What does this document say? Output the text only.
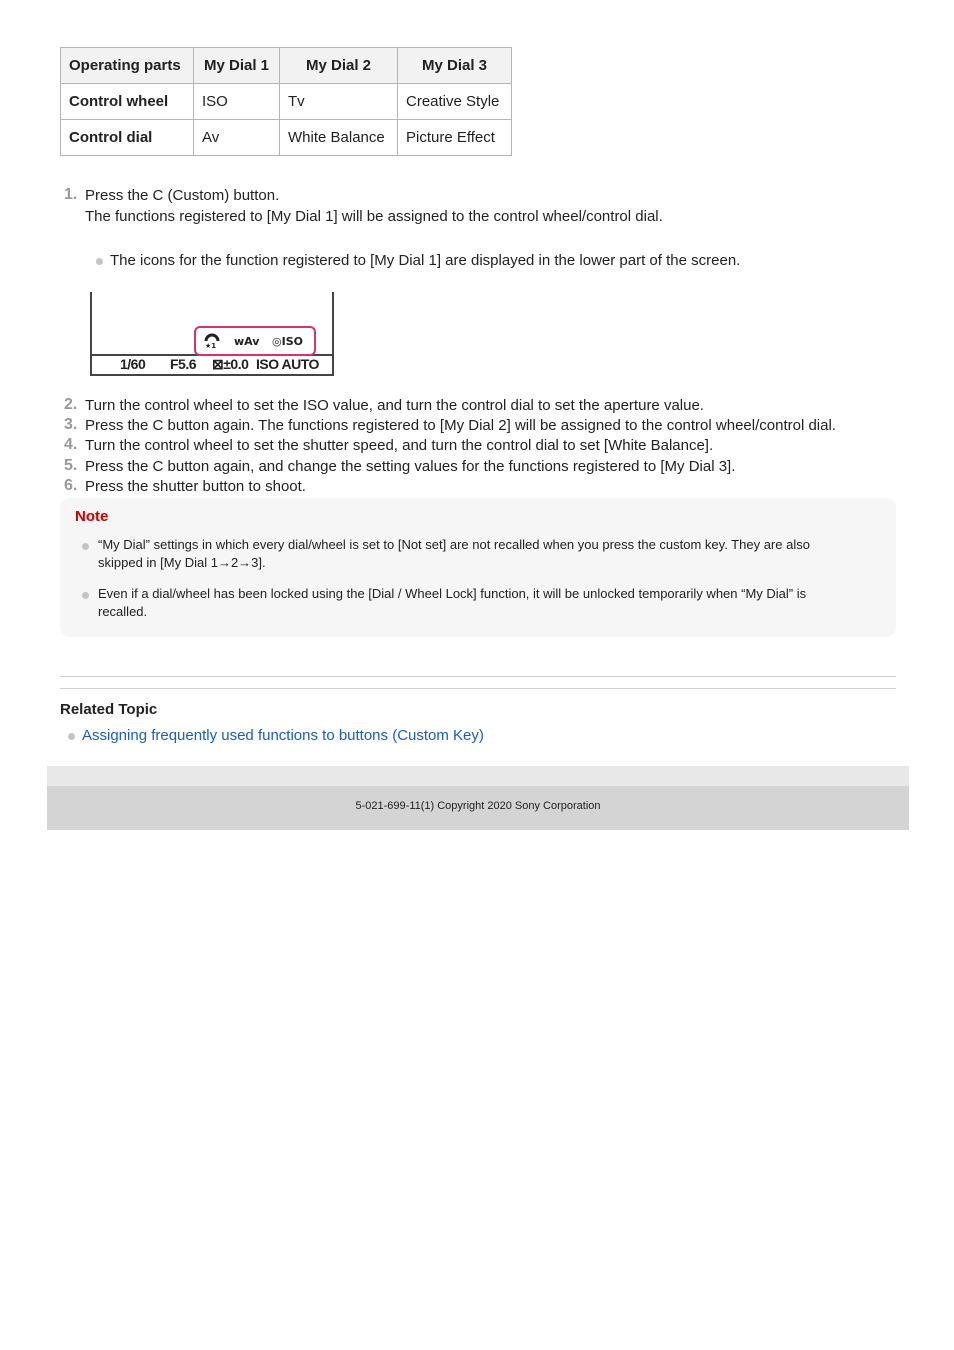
Operating parts	My Dial 1	My Dial 2	My Dial 3
Control wheel	ISO	Tv	Creative Style
Control dial	Av	White Balance	Picture Effect
1. Press the C (Custom) button.
The functions registered to [My Dial 1] will be assigned to the control wheel/control dial.
The icons for the function registered to [My Dial 1] are displayed in the lower part of the screen.
★1 ᴡAv ◎ISO
1/60 F5.6 ⊠±0.0 ISO AUTO
2. Turn the control wheel to set the ISO value, and turn the control dial to set the aperture value.
3. Press the C button again. The functions registered to [My Dial 2] will be assigned to the control wheel/control dial.
4. Turn the control wheel to set the shutter speed, and turn the control dial to set [White Balance].
5. Press the C button again, and change the setting values for the functions registered to [My Dial 3].
6. Press the shutter button to shoot.
Note
“My Dial” settings in which every dial/wheel is set to [Not set] are not recalled when you press the custom key. They are also skipped in [My Dial 1→2→3].
Even if a dial/wheel has been locked using the [Dial / Wheel Lock] function, it will be unlocked temporarily when “My Dial” is recalled.
Related Topic
Assigning frequently used functions to buttons (Custom Key)
5-021-699-11(1) Copyright 2020 Sony Corporation
